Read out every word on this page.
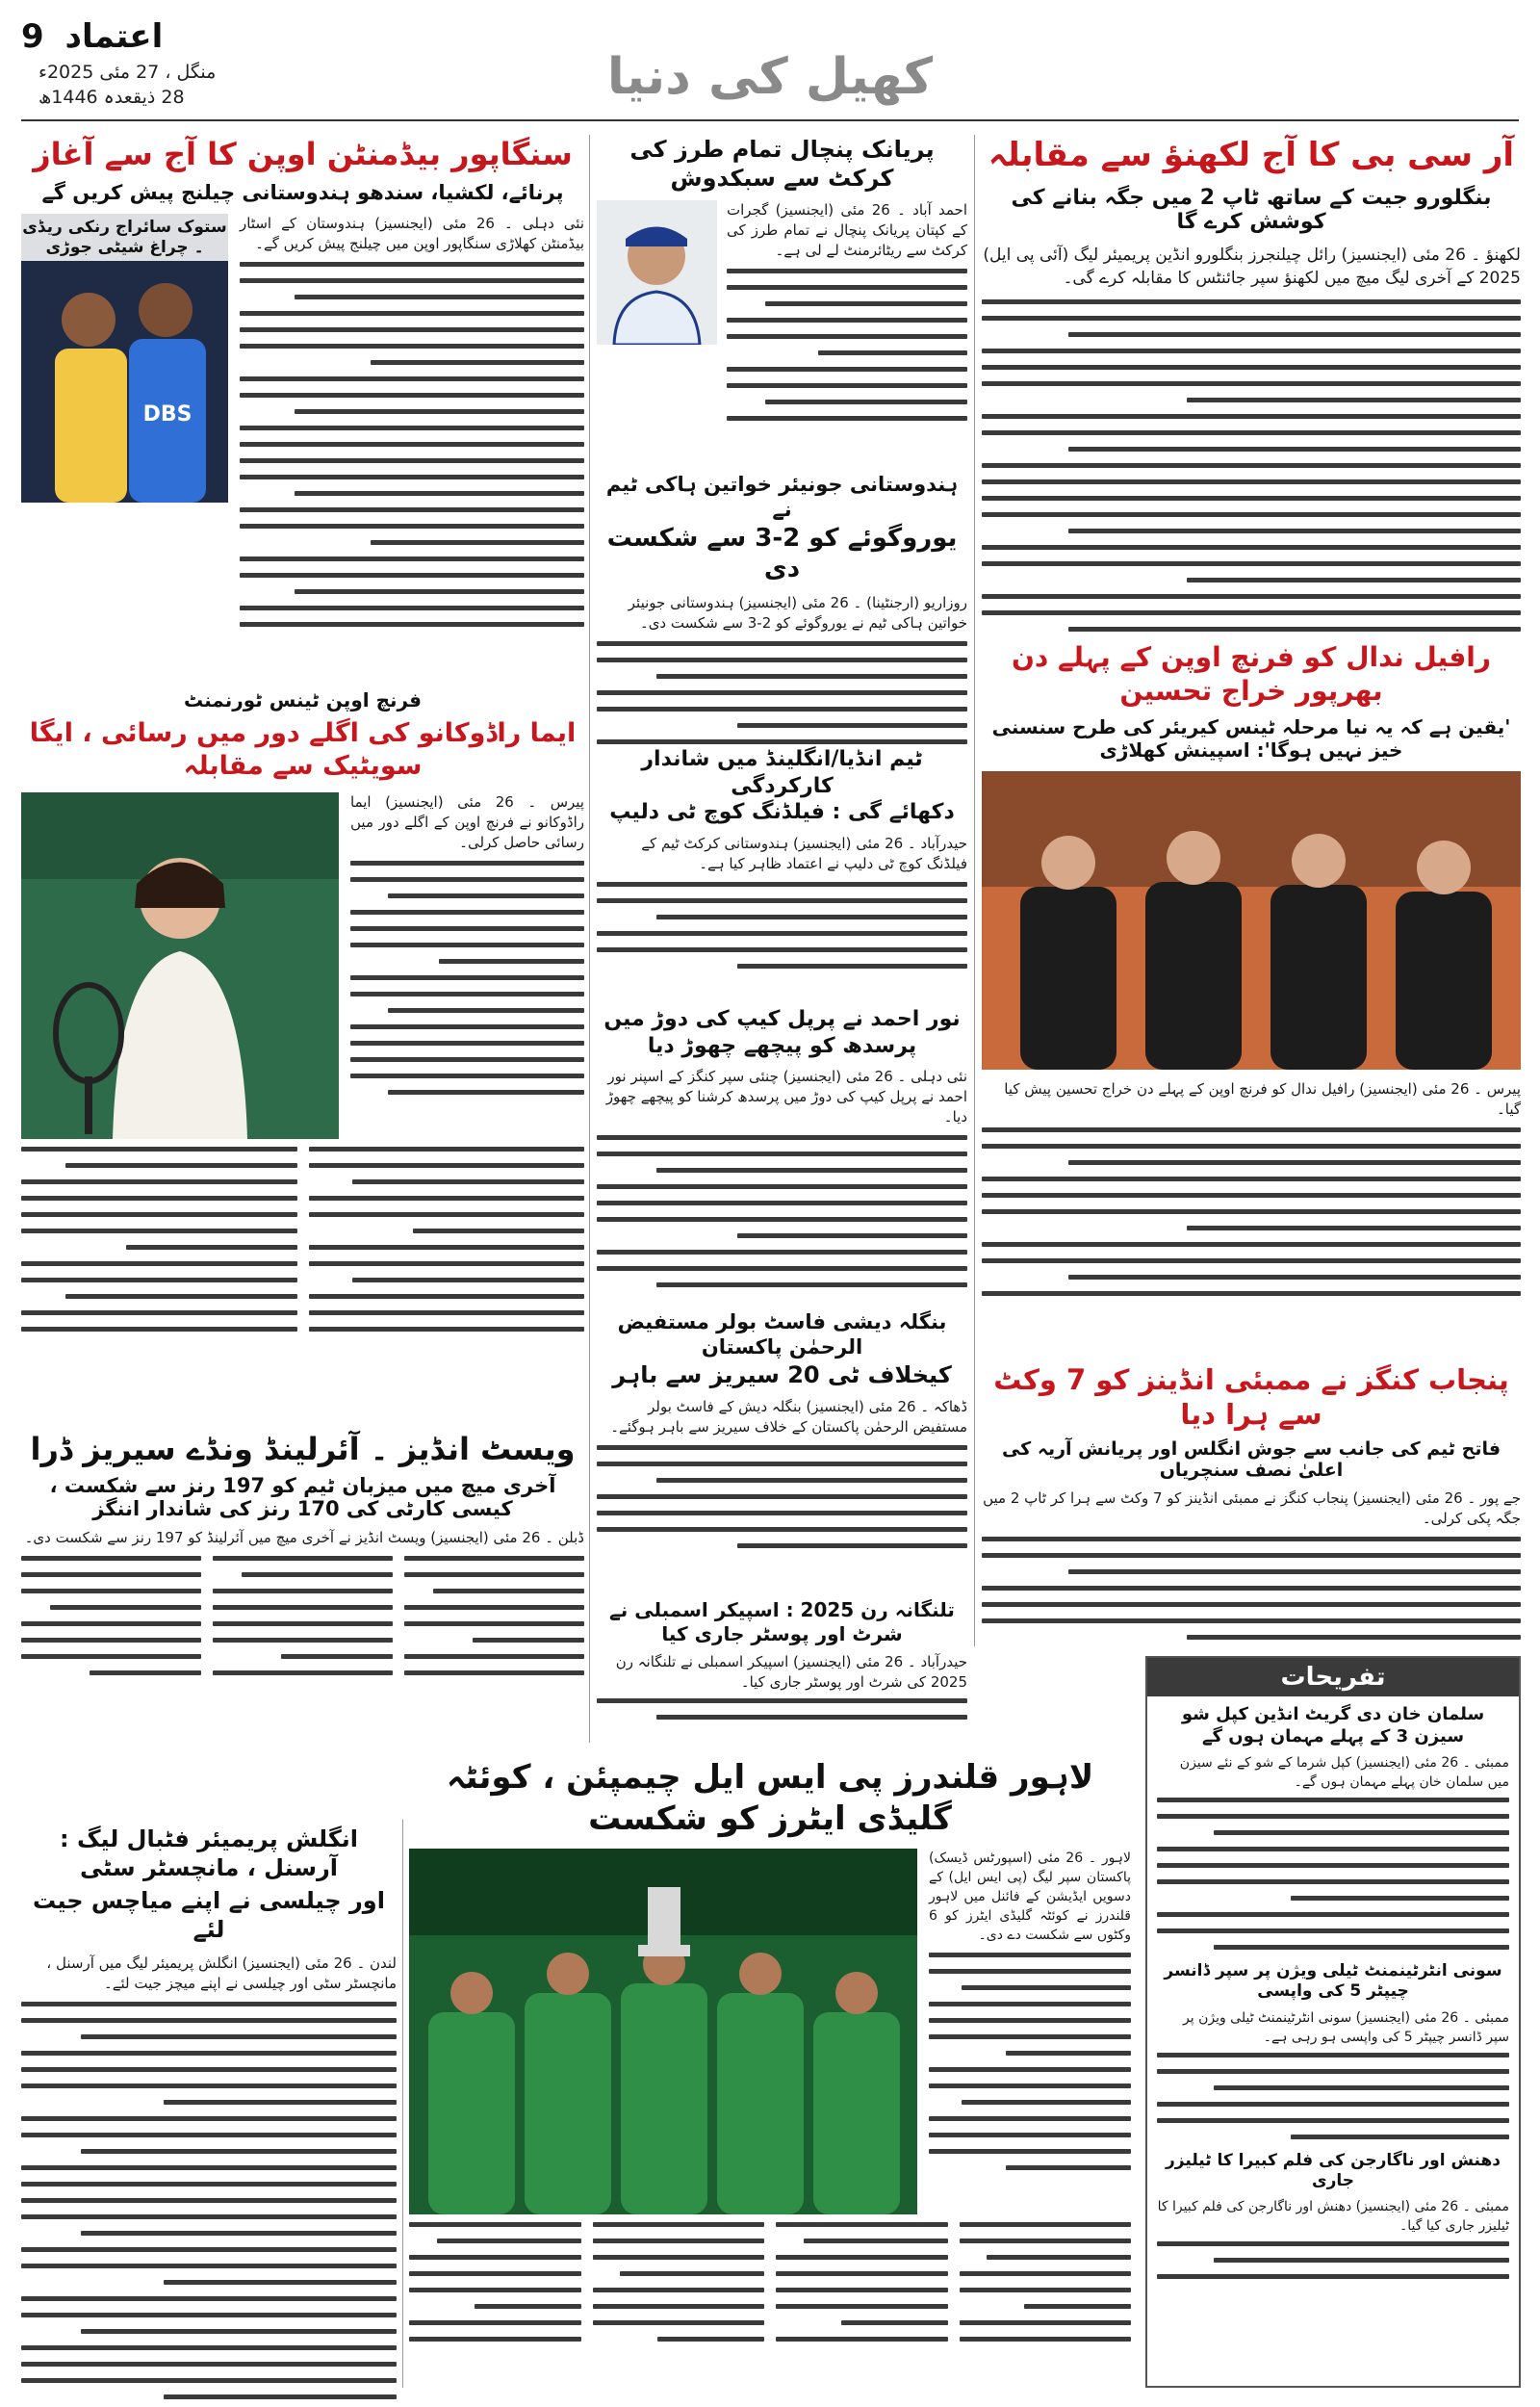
اعتماد 9
منگل ، 27 مئی 2025ء
28 ذیقعدہ 1446ھ	کھیل کی دنیا
آر سی بی کا آج لکھنؤ سے مقابلہ
بنگلورو جیت کے ساتھ ٹاپ 2 میں جگہ بنانے کی کوشش کرے گا
لکھنؤ ۔ 26 مئی (ایجنسیز) رائل چیلنجرز بنگلورو انڈین پریمیئر لیگ (آئی پی ایل) 2025 کے آخری لیگ میچ میں لکھنؤ سپر جائنٹس کا مقابلہ کرے گی۔
پریانک پنچال تمام طرز کی کرکٹ سے سبکدوش
احمد آباد ۔ 26 مئی (ایجنسیز) گجرات کے کپتان پریانک پنچال نے تمام طرز کی کرکٹ سے ریٹائرمنٹ لے لی ہے۔
سنگاپور بیڈمنٹن اوپن کا آج سے آغاز
پرنائے، لکشیا، سندھو ہندوستانی چیلنج پیش کریں گے
نئی دہلی ۔ 26 مئی (ایجنسیز) ہندوستان کے اسٹار بیڈمنٹن کھلاڑی سنگاپور اوپن میں چیلنج پیش کریں گے۔
DBS
ستوک سائراج رنکی ریڈی ۔ چراغ شیٹی جوڑی
ہندوستانی جونیئر خواتین ہاکی ٹیم نے
یوروگوئے کو 2-3 سے شکست دی
روزاریو (ارجنٹینا) ۔ 26 مئی (ایجنسیز) ہندوستانی جونیئر خواتین ہاکی ٹیم نے یوروگوئے کو 2-3 سے شکست دی۔
رافیل ندال کو فرنچ اوپن کے پہلے دن بھرپور خراج تحسین
'یقین ہے کہ یہ نیا مرحلہ ٹینس کیریئر کی طرح سنسنی خیز نہیں ہوگا': اسپینش کھلاڑی
پیرس ۔ 26 مئی (ایجنسیز) رافیل ندال کو فرنچ اوپن کے پہلے دن خراج تحسین پیش کیا گیا۔
فرنچ اوپن ٹینس ٹورنمنٹ
ایما راڈوکانو کی اگلے دور میں رسائی ، ایگا سویٹیک سے مقابلہ
پیرس ۔ 26 مئی (ایجنسیز) ایما راڈوکانو نے فرنچ اوپن کے اگلے دور میں رسائی حاصل کرلی۔
ٹیم انڈیا/انگلینڈ میں شاندار کارکردگی
دکھائے گی : فیلڈنگ کوچ ٹی دلیپ
حیدرآباد ۔ 26 مئی (ایجنسیز) ہندوستانی کرکٹ ٹیم کے فیلڈنگ کوچ ٹی دلیپ نے اعتماد ظاہر کیا ہے۔
نور احمد نے پرپل کیپ کی دوڑ میں پرسدھ کو پیچھے چھوڑ دیا
نئی دہلی ۔ 26 مئی (ایجنسیز) چنئی سپر کنگز کے اسپنر نور احمد نے پرپل کیپ کی دوڑ میں پرسدھ کرشنا کو پیچھے چھوڑ دیا۔
پنجاب کنگز نے ممبئی انڈینز کو 7 وکٹ سے ہرا دیا
فاتح ٹیم کی جانب سے جوش انگلس اور پریانش آریہ کی اعلیٰ نصف سنچریاں
جے پور ۔ 26 مئی (ایجنسیز) پنجاب کنگز نے ممبئی انڈینز کو 7 وکٹ سے ہرا کر ٹاپ 2 میں جگہ پکی کرلی۔
بنگلہ دیشی فاسٹ بولر مستفیض الرحمٰن پاکستان
کیخلاف ٹی 20 سیریز سے باہر
ڈھاکہ ۔ 26 مئی (ایجنسیز) بنگلہ دیش کے فاسٹ بولر مستفیض الرحمٰن پاکستان کے خلاف سیریز سے باہر ہوگئے۔
تلنگانہ رن 2025 : اسپیکر اسمبلی نے شرٹ اور پوسٹر جاری کیا
حیدرآباد ۔ 26 مئی (ایجنسیز) اسپیکر اسمبلی نے تلنگانہ رن 2025 کی شرٹ اور پوسٹر جاری کیا۔
ویسٹ انڈیز ۔ آئرلینڈ ونڈے سیریز ڈرا
آخری میچ میں میزبان ٹیم کو 197 رنز سے شکست ، کیسی کارٹی کی 170 رنز کی شاندار اننگز
ڈبلن ۔ 26 مئی (ایجنسیز) ویسٹ انڈیز نے آخری میچ میں آئرلینڈ کو 197 رنز سے شکست دی۔
تفریحات
سلمان خان دی گریٹ انڈین کپل شو سیزن 3 کے پہلے مہمان ہوں گے
ممبئی ۔ 26 مئی (ایجنسیز) کپل شرما کے شو کے نئے سیزن میں سلمان خان پہلے مہمان ہوں گے۔
سونی انٹرٹینمنٹ ٹیلی ویژن پر سپر ڈانسر چیپٹر 5 کی واپسی
ممبئی ۔ 26 مئی (ایجنسیز) سونی انٹرٹینمنٹ ٹیلی ویژن پر سپر ڈانسر چیپٹر 5 کی واپسی ہو رہی ہے۔
دھنش اور ناگارجن کی فلم کبیرا کا ٹیلیزر جاری
ممبئی ۔ 26 مئی (ایجنسیز) دھنش اور ناگارجن کی فلم کبیرا کا ٹیلیزر جاری کیا گیا۔
لاہور قلندرز پی ایس ایل چیمپئن ، کوئٹہ گلیڈی ایٹرز کو شکست
لاہور ۔ 26 مئی (اسپورٹس ڈیسک) پاکستان سپر لیگ (پی ایس ایل) کے دسویں ایڈیشن کے فائنل میں لاہور قلندرز نے کوئٹہ گلیڈی ایٹرز کو 6 وکٹوں سے شکست دے دی۔
انگلش پریمیئر فٹبال لیگ : آرسنل ، مانچسٹر سٹی
اور چیلسی نے اپنے میاچس جیت لئے
لندن ۔ 26 مئی (ایجنسیز) انگلش پریمیئر لیگ میں آرسنل ، مانچسٹر سٹی اور چیلسی نے اپنے میچز جیت لئے۔
